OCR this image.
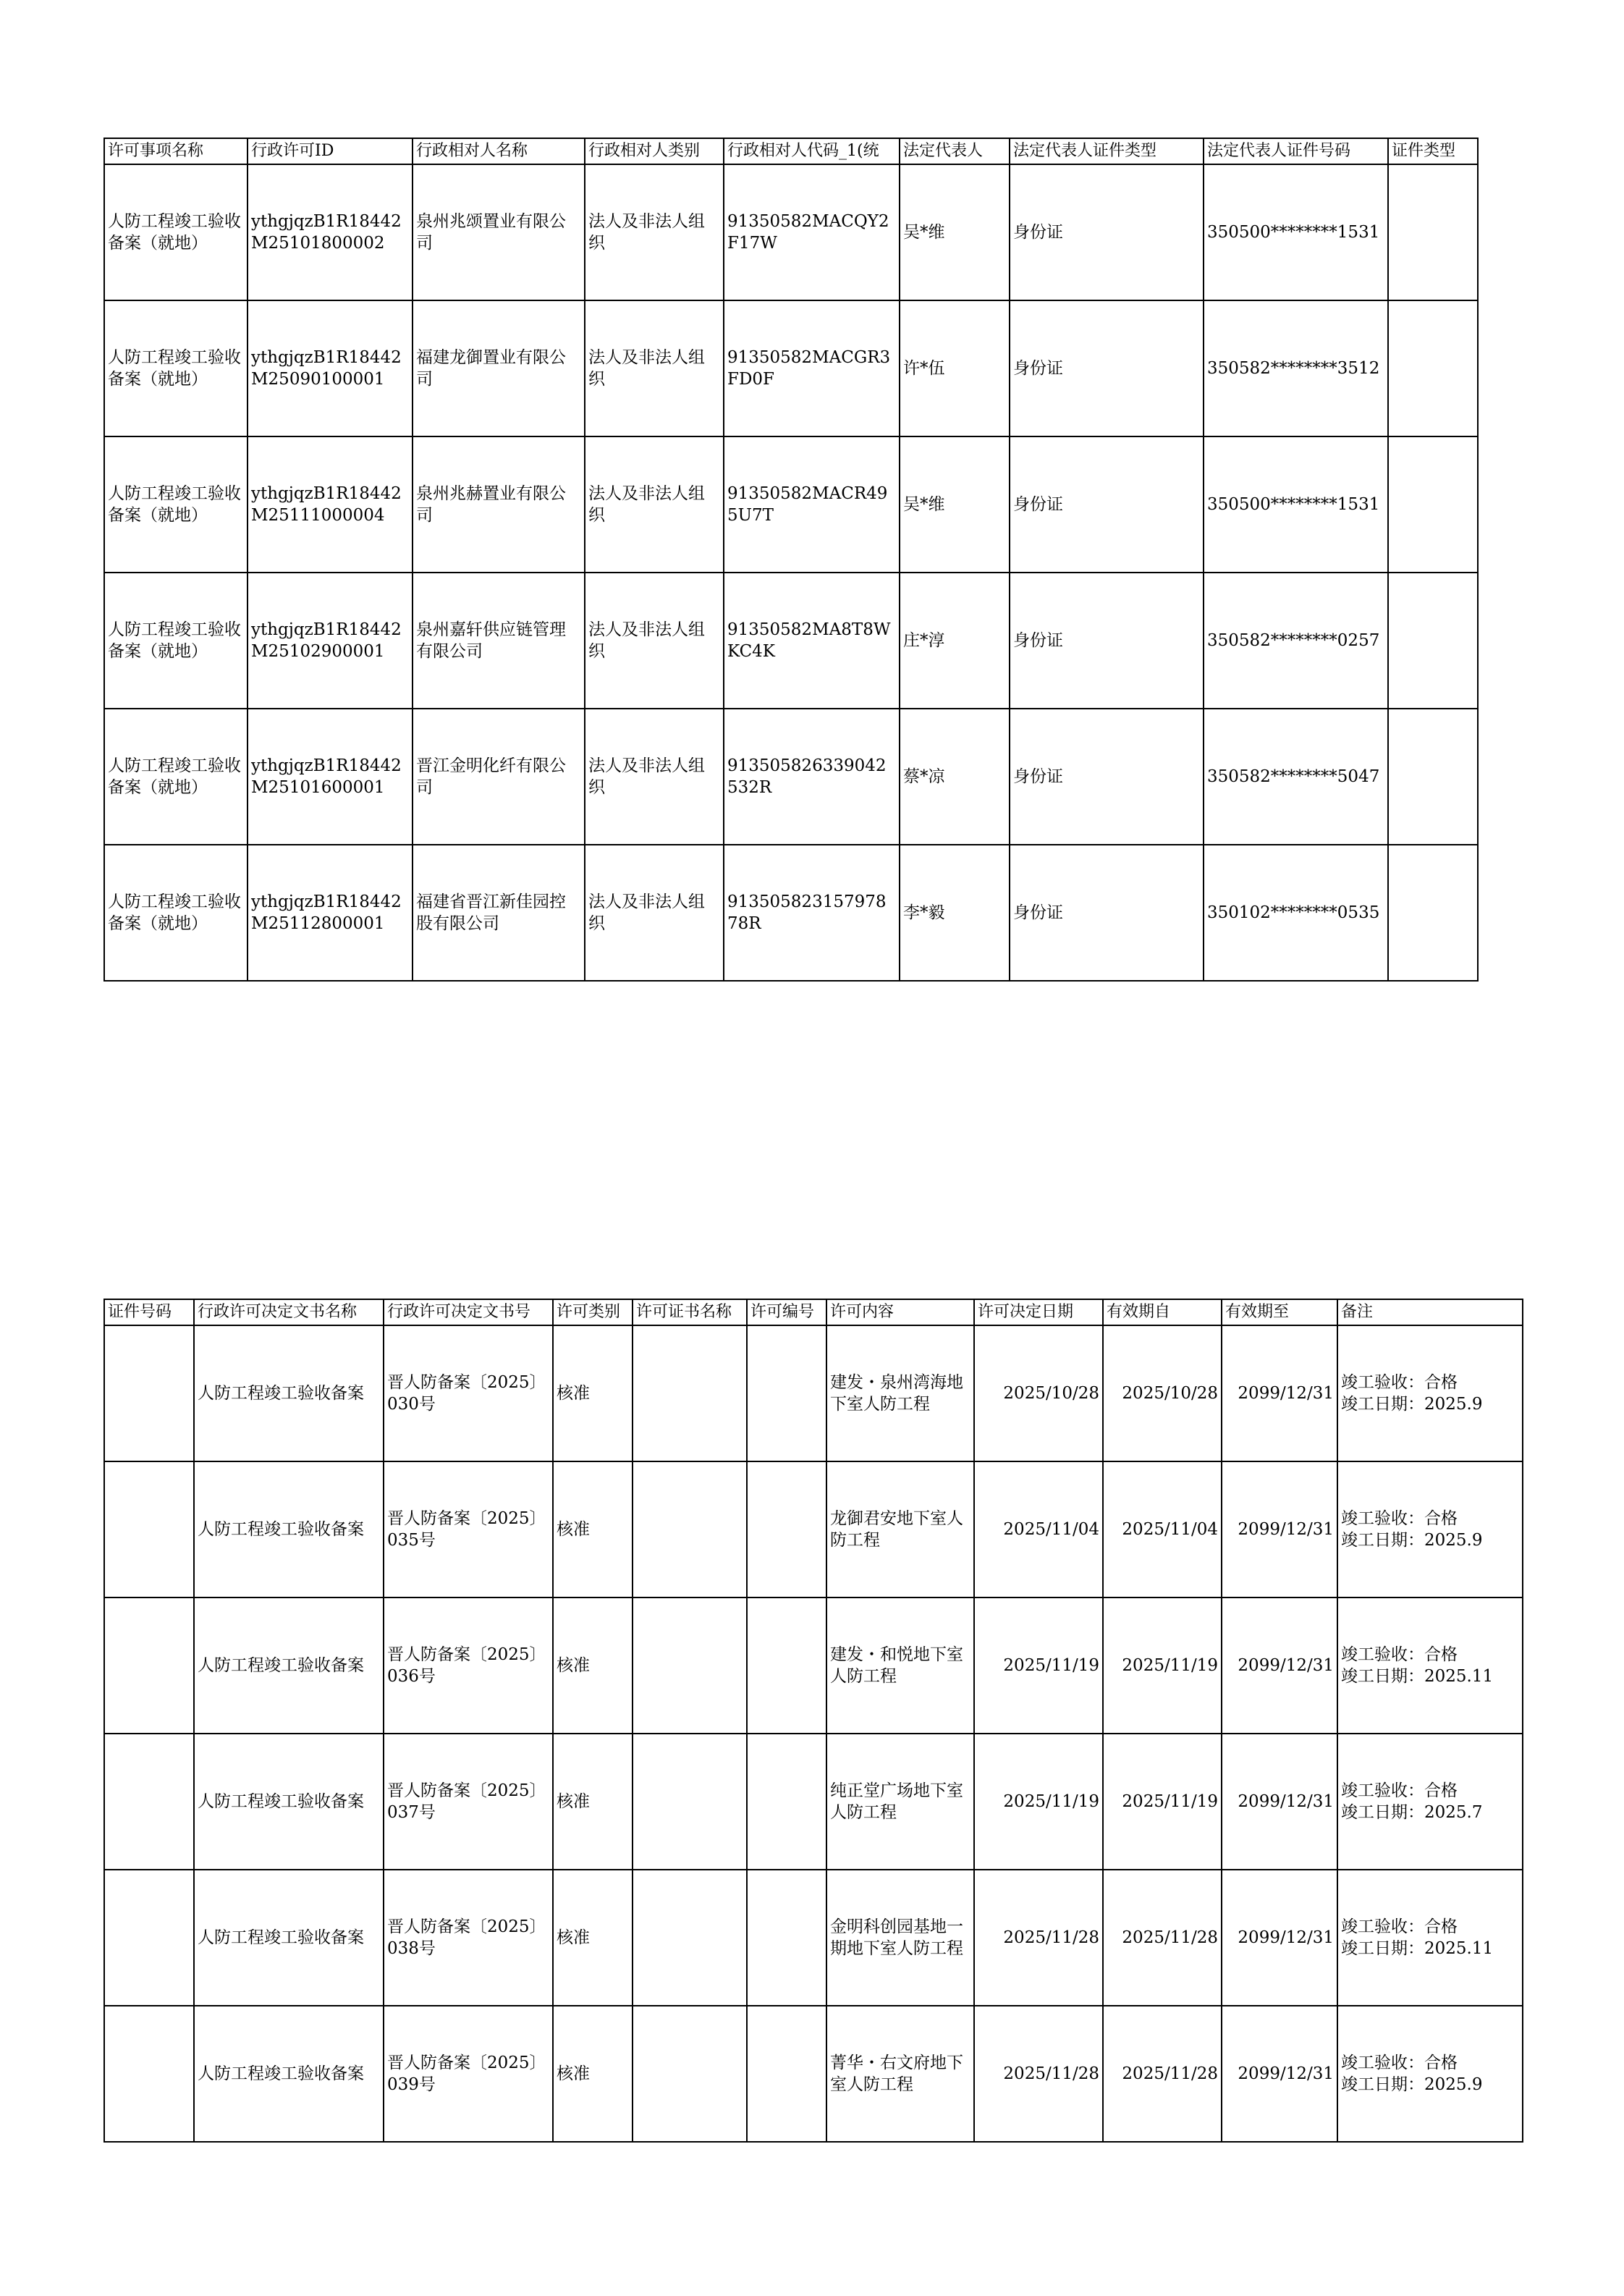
许可事项名称	行政许可ID	行政相对人名称	行政相对人类别	行政相对人代码_1(统	法定代表人	法定代表人证件类型	法定代表人证件号码	证件类型
人防工程竣工验收备案（就地）	ythgjqzB1R18442M25101800002	泉州兆颂置业有限公司	法人及非法人组织	91350582MACQY2F17W	吴*维	身份证	350500********1531	
人防工程竣工验收备案（就地）	ythgjqzB1R18442M25090100001	福建龙御置业有限公司	法人及非法人组织	91350582MACGR3FD0F	许*伍	身份证	350582********3512	
人防工程竣工验收备案（就地）	ythgjqzB1R18442M25111000004	泉州兆赫置业有限公司	法人及非法人组织	91350582MACR495U7T	吴*维	身份证	350500********1531	
人防工程竣工验收备案（就地）	ythgjqzB1R18442M25102900001	泉州嘉轩供应链管理有限公司	法人及非法人组织	91350582MA8T8WKC4K	庄*淳	身份证	350582********0257	
人防工程竣工验收备案（就地）	ythgjqzB1R18442M25101600001	晋江金明化纤有限公司	法人及非法人组织	913505826339042532R	蔡*凉	身份证	350582********5047	
人防工程竣工验收备案（就地）	ythgjqzB1R18442M25112800001	福建省晋江新佳园控股有限公司	法人及非法人组织	91350582315797878R	李*毅	身份证	350102********0535	
证件号码	行政许可决定文书名称	行政许可决定文书号	许可类别	许可证书名称	许可编号	许可内容	许可决定日期	有效期自	有效期至	备注
	人防工程竣工验收备案	晋人防备案〔2025〕030号	核准			建发・泉州湾海地下室人防工程	2025/10/28	2025/10/28	2099/12/31	竣工验收：合格
竣工日期：2025.9
	人防工程竣工验收备案	晋人防备案〔2025〕035号	核准			龙御君安地下室人防工程	2025/11/04	2025/11/04	2099/12/31	竣工验收：合格
竣工日期：2025.9
	人防工程竣工验收备案	晋人防备案〔2025〕036号	核准			建发・和悦地下室人防工程	2025/11/19	2025/11/19	2099/12/31	竣工验收：合格
竣工日期：2025.11
	人防工程竣工验收备案	晋人防备案〔2025〕037号	核准			纯正堂广场地下室人防工程	2025/11/19	2025/11/19	2099/12/31	竣工验收：合格
竣工日期：2025.7
	人防工程竣工验收备案	晋人防备案〔2025〕038号	核准			金明科创园基地一期地下室人防工程	2025/11/28	2025/11/28	2099/12/31	竣工验收：合格
竣工日期：2025.11
	人防工程竣工验收备案	晋人防备案〔2025〕039号	核准			菁华・右文府地下室人防工程	2025/11/28	2025/11/28	2099/12/31	竣工验收：合格
竣工日期：2025.9
